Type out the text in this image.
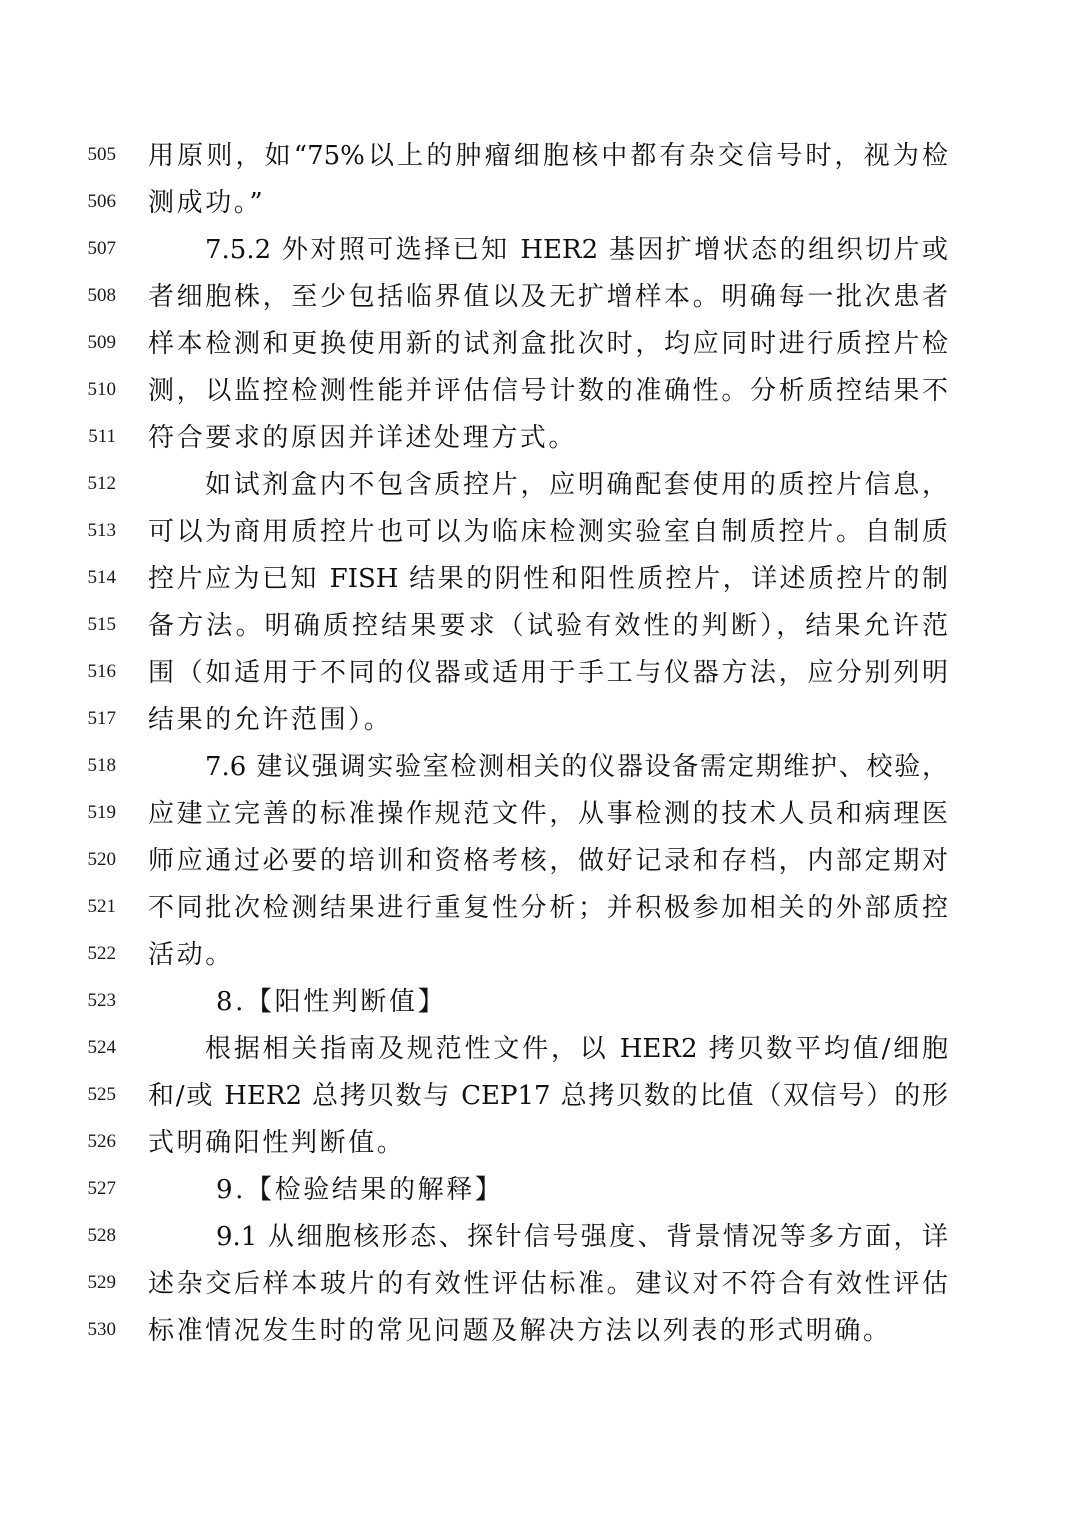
505 用原则，如“75%以上的肿瘤细胞核中都有杂交信号时，视为检
506 测成功。”
507	7.5.2 外对照可选择已知 HER2 基因扩增状态的组织切片或
508 者细胞株，至少包括临界值以及无扩增样本。明确每一批次患者
509 样本检测和更换使用新的试剂盒批次时，均应同时进行质控片检
510 测，以监控检测性能并评估信号计数的准确性。分析质控结果不
511 符合要求的原因并详述处理方式。
512	如试剂盒内不包含质控片，应明确配套使用的质控片信息，
513 可以为商用质控片也可以为临床检测实验室自制质控片。自制质
514 控片应为已知 FISH 结果的阴性和阳性质控片，详述质控片的制
515 备方法。明确质控结果要求（试验有效性的判断），结果允许范
516 围（如适用于不同的仪器或适用于手工与仪器方法，应分别列明
517 结果的允许范围）。
518	7.6 建议强调实验室检测相关的仪器设备需定期维护、校验，
519 应建立完善的标准操作规范文件，从事检测的技术人员和病理医
520 师应通过必要的培训和资格考核，做好记录和存档，内部定期对
521 不同批次检测结果进行重复性分析；并积极参加相关的外部质控
522 活动。
523	8.【阳性判断值】
524	根据相关指南及规范性文件，以 HER2 拷贝数平均值/细胞
525 和/或 HER2 总拷贝数与 CEP17 总拷贝数的比值（双信号）的形
526 式明确阳性判断值。
527	9.【检验结果的解释】
528	9.1 从细胞核形态、探针信号强度、背景情况等多方面，详
529 述杂交后样本玻片的有效性评估标准。建议对不符合有效性评估
530 标准情况发生时的常见问题及解决方法以列表的形式明确。
